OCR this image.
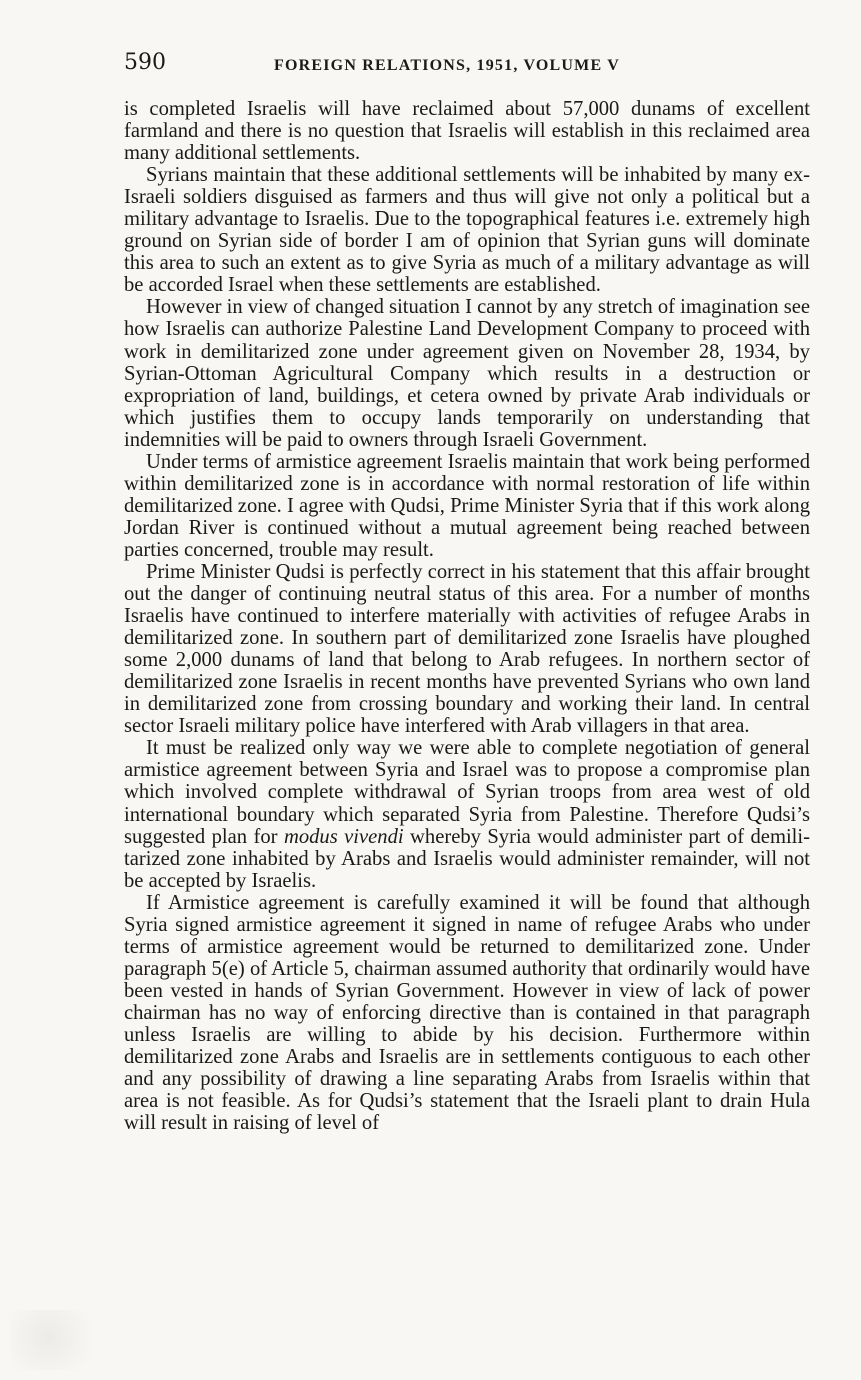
590	FOREIGN RELATIONS, 1951, VOLUME V

is completed Israelis will have reclaimed about 57,000 dunams of excellent farmland and there is no question that Israelis will establish in this reclaimed area many additional settlements.

Syrians maintain that these additional settlements will be inhabited by many ex-Israeli soldiers disguised as farmers and thus will give not only a political but a military advantage to Israelis. Due to the topographical features i.e. extremely high ground on Syrian side of border I am of opinion that Syrian guns will dominate this area to such an extent as to give Syria as much of a military advantage as will be accorded Israel when these settlements are established.

However in view of changed situation I cannot by any stretch of imagination see how Israelis can authorize Palestine Land Development Company to proceed with work in demilitarized zone under agreement given on November 28, 1934, by Syrian-Ottoman Agricultural Company which results in a destruction or expropriation of land, buildings, et cetera owned by private Arab individuals or which justifies them to occupy lands temporarily on understanding that indemnities will be paid to owners through Israeli Government.

Under terms of armistice agreement Israelis maintain that work being performed within demilitarized zone is in accordance with normal restoration of life within demilitarized zone. I agree with Qudsi, Prime Minister Syria that if this work along Jordan River is continued without a mutual agreement being reached between parties concerned, trouble may result.

Prime Minister Qudsi is perfectly correct in his statement that this affair brought out the danger of continuing neutral status of this area. For a number of months Israelis have continued to interfere materially with activities of refugee Arabs in demilitarized zone. In southern part of demilitarized zone Israelis have ploughed some 2,000 dunams of land that belong to Arab refugees. In northern sector of demilitarized zone Israelis in recent months have prevented Syrians who own land in demilitarized zone from crossing boundary and working their land. In central sector Israeli military police have interfered with Arab villagers in that area.

It must be realized only way we were able to complete negotiation of general armistice agreement between Syria and Israel was to propose a compromise plan which involved complete withdrawal of Syrian troops from area west of old international boundary which separated Syria from Palestine. Therefore Qudsi’s suggested plan for modus vivendi whereby Syria would administer part of demilitarized zone inhabited by Arabs and Israelis would administer remainder, will not be accepted by Israelis.

If Armistice agreement is carefully examined it will be found that although Syria signed armistice agreement it signed in name of refugee Arabs who under terms of armistice agreement would be returned to demilitarized zone. Under paragraph 5(e) of Article 5, chairman assumed authority that ordinarily would have been vested in hands of Syrian Government. However in view of lack of power chairman has no way of enforcing directive than is contained in that paragraph unless Israelis are willing to abide by his decision. Furthermore within demilitarized zone Arabs and Israelis are in settlements contiguous to each other and any possibility of drawing a line separating Arabs from Israelis within that area is not feasible. As for Qudsi’s statement that the Israeli plant to drain Hula will result in raising of level of
